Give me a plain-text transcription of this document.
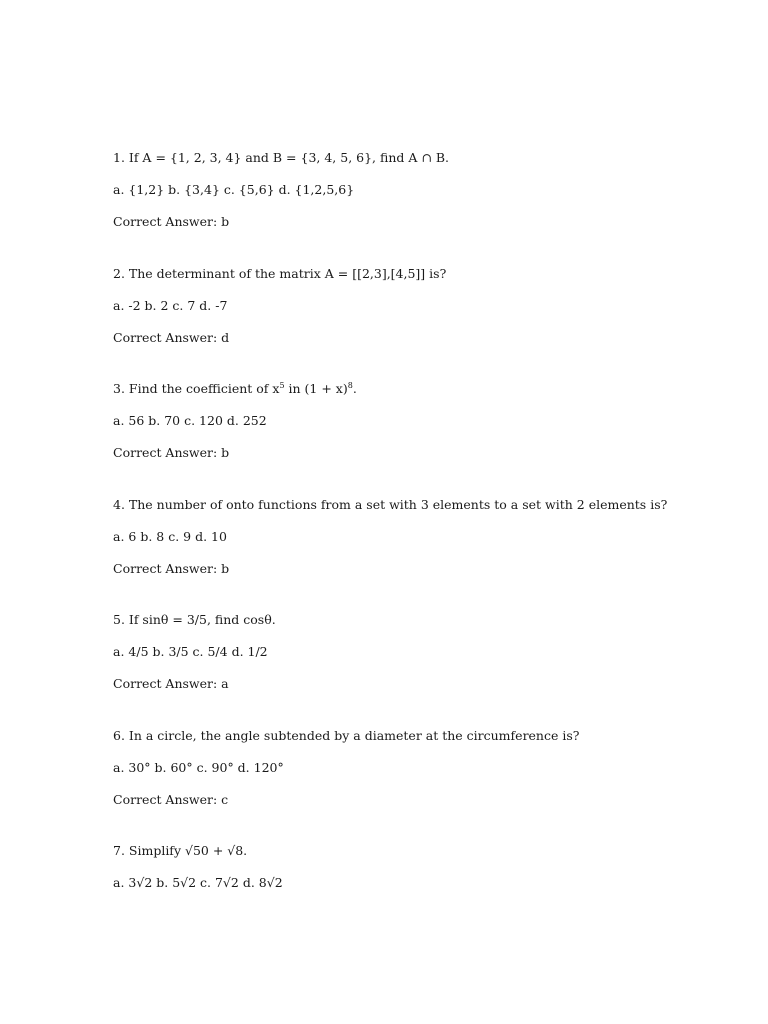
1. If A = {1, 2, 3, 4} and B = {3, 4, 5, 6}, find A ∩ B.
a. {1,2} b. {3,4} c. {5,6} d. {1,2,5,6}
Correct Answer: b
2. The determinant of the matrix A = [[2,3],[4,5]] is?
a. -2 b. 2 c. 7 d. -7
Correct Answer: d
3. Find the coefficient of $x^5$ in $(1 + x)^8$.
a. 56 b. 70 c. 120 d. 252
Correct Answer: b
4. The number of onto functions from a set with 3 elements to a set with 2 elements is?
a. 6 b. 8 c. 9 d. 10
Correct Answer: b
5. If sinθ = 3/5, find cosθ.
a. 4/5 b. 3/5 c. 5/4 d. 1/2
Correct Answer: a
6. In a circle, the angle subtended by a diameter at the circumference is?
a. 30° b. 60° c. 90° d. 120°
Correct Answer: c
7. Simplify √50 + √8.
a. 3√2 b. 5√2 c. 7√2 d. 8√2
